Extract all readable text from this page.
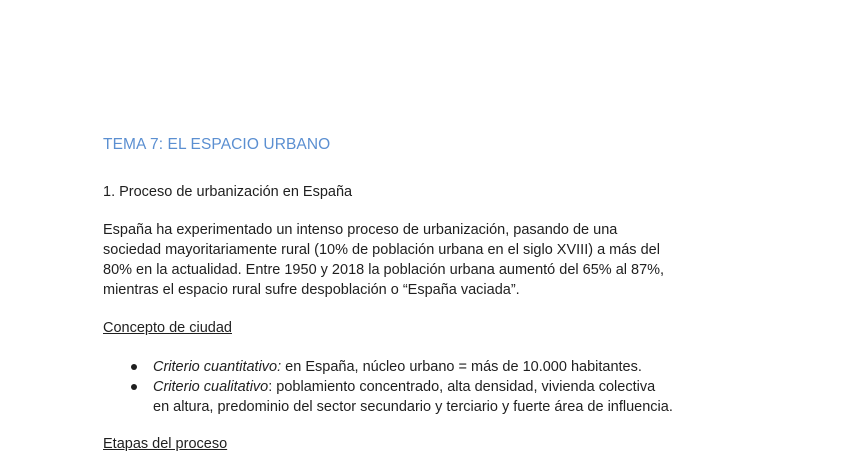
TEMA 7: EL ESPACIO URBANO
1. Proceso de urbanización en España
España ha experimentado un intenso proceso de urbanización, pasando de una
sociedad mayoritariamente rural (10% de población urbana en el siglo XVIII) a más del
80% en la actualidad. Entre 1950 y 2018 la población urbana aumentó del 65% al 87%,
mientras el espacio rural sufre despoblación o “España vaciada”.
Concepto de ciudad
Criterio cuantitativo: en España, núcleo urbano = más de 10.000 habitantes.
Criterio cualitativo: poblamiento concentrado, alta densidad, vivienda colectiva
en altura, predominio del sector secundario y terciario y fuerte área de influencia.
Etapas del proceso
